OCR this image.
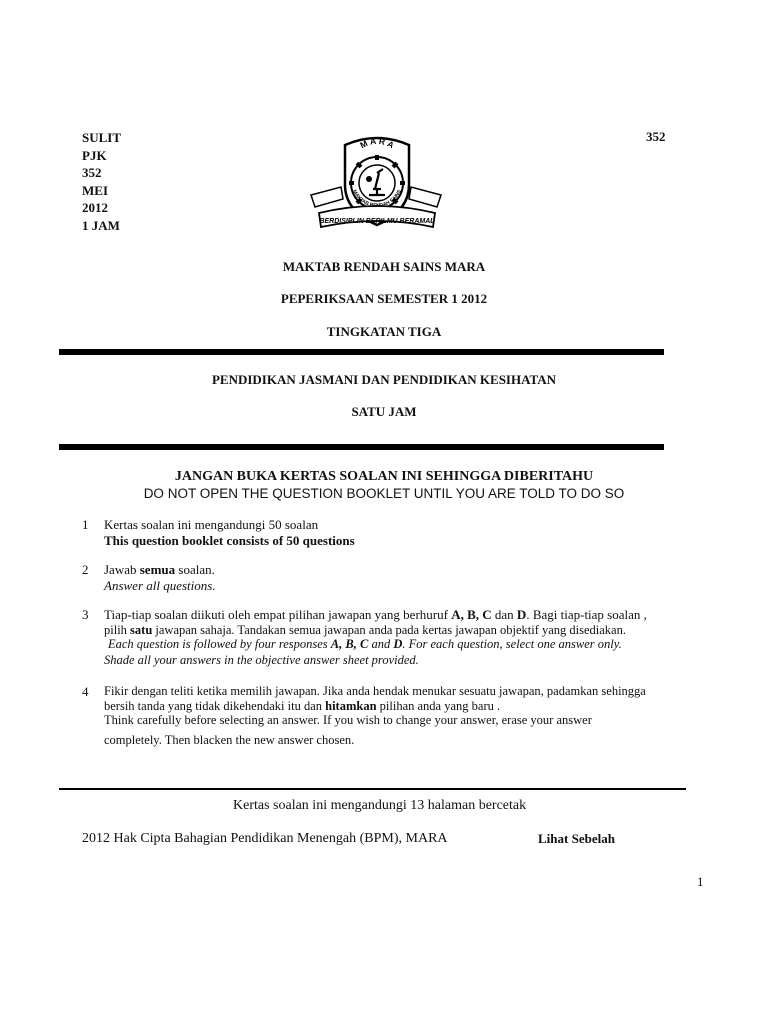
SULIT
PJK
352
MEI
2012
1 JAM
352
M A R A
MAKTAB RENDAH SAINS
BERDISIPLIN BERILMU BERAMAL
MAKTAB RENDAH SAINS MARA
PEPERIKSAAN SEMESTER 1 2012
TINGKATAN TIGA
PENDIDIKAN JASMANI DAN PENDIDIKAN KESIHATAN
SATU JAM
JANGAN BUKA KERTAS SOALAN INI SEHINGGA DIBERITAHU
DO NOT OPEN THE QUESTION BOOKLET UNTIL YOU ARE TOLD TO DO SO
1 Kertas soalan ini mengandungi 50 soalan
This question booklet consists of 50 questions
2 Jawab semua soalan.
Answer all questions.
3 Tiap-tiap soalan diikuti oleh empat pilihan jawapan yang berhuruf A, B, C dan D. Bagi tiap-tiap soalan ,
pilih satu jawapan sahaja. Tandakan semua jawapan anda pada kertas jawapan objektif yang disediakan.
Each question is followed by four responses A, B, C and D. For each question, select one answer only.
Shade all your answers in the objective answer sheet provided.
4 Fikir dengan teliti ketika memilih jawapan. Jika anda hendak menukar sesuatu jawapan, padamkan sehingga
bersih tanda yang tidak dikehendaki itu dan hitamkan pilihan anda yang baru .
Think carefully before selecting an answer. If you wish to change your answer, erase your answer
completely. Then blacken the new answer chosen.
Kertas soalan ini mengandungi 13 halaman bercetak
2012 Hak Cipta Bahagian Pendidikan Menengah (BPM), MARA	Lihat Sebelah
1
